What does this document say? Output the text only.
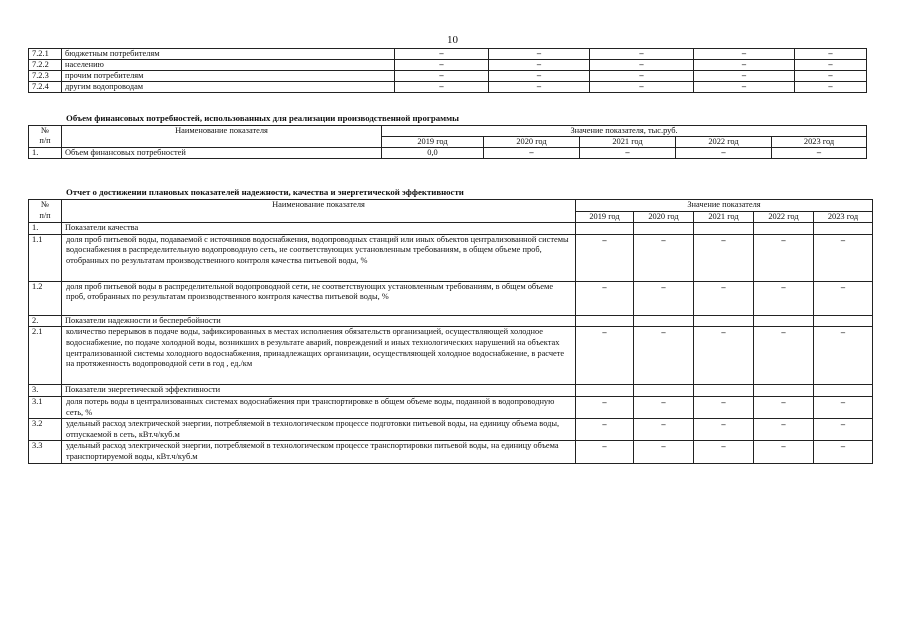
10
7.2.1	бюджетным потребителям	–	–	–	–	–
7.2.2	населению	–	–	–	–	–
7.2.3	прочим потребителям	–	–	–	–	–
7.2.4	другим водопроводам	–	–	–	–	–
Объем финансовых потребностей, использованных для реализации производственной программы
№
п/п	Наименование показателя	Значение показателя, тыс.руб.				
		2019 год	2020 год	2021 год	2022 год	2023 год
1.	Объем финансовых потребностей	0,0	–	–	–	–
Отчет о достижении плановых показателей надежности, качества и энергетической эффективности
№
п/п	Наименование показателя	Значение показателя				
		2019 год	2020 год	2021 год	2022 год	2023 год
1.	Показатели качества					
1.1	доля проб питьевой воды, подаваемой с источников водоснабжения, водопроводных станций или иных объектов централизованной системы водоснабжения в распределительную водопроводную сеть, не соответствующих установленным требованиям, в общем объеме проб, отобранных по результатам производственного контроля качества питьевой воды, %	–	–	–	–	–
1.2	доля проб питьевой воды в распределительной водопроводной сети, не соответствующих установленным требованиям, в общем объеме проб, отобранных по результатам производственного контроля качества питьевой воды, %	–	–	–	–	–
2.	Показатели надежности и бесперебойности					
2.1	количество перерывов в подаче воды, зафиксированных в местах исполнения обязательств организацией, осуществляющей холодное водоснабжение, по подаче холодной воды, возникших в результате аварий, повреждений и иных технологических нарушений на объектах централизованной системы холодного водоснабжения, принадлежащих организации, осуществляющей холодное водоснабжение, в расчете на протяженность водопроводной сети в год , ед./км	–	–	–	–	–
3.	Показатели энергетической эффективности					
3.1	доля потерь воды в централизованных системах водоснабжения при транспортировке в общем объеме воды, поданной в водопроводную сеть, %	–	–	–	–	–
3.2	удельный расход электрической энергии, потребляемой в технологическом процессе подготовки питьевой воды, на единицу объема воды, отпускаемой в сеть, кВт.ч/куб.м	–	–	–	–	–
3.3	удельный расход электрической энергии, потребляемой в технологическом процессе транспортировки питьевой воды, на единицу объема транспортируемой воды, кВт.ч/куб.м	–	–	–	–	–
